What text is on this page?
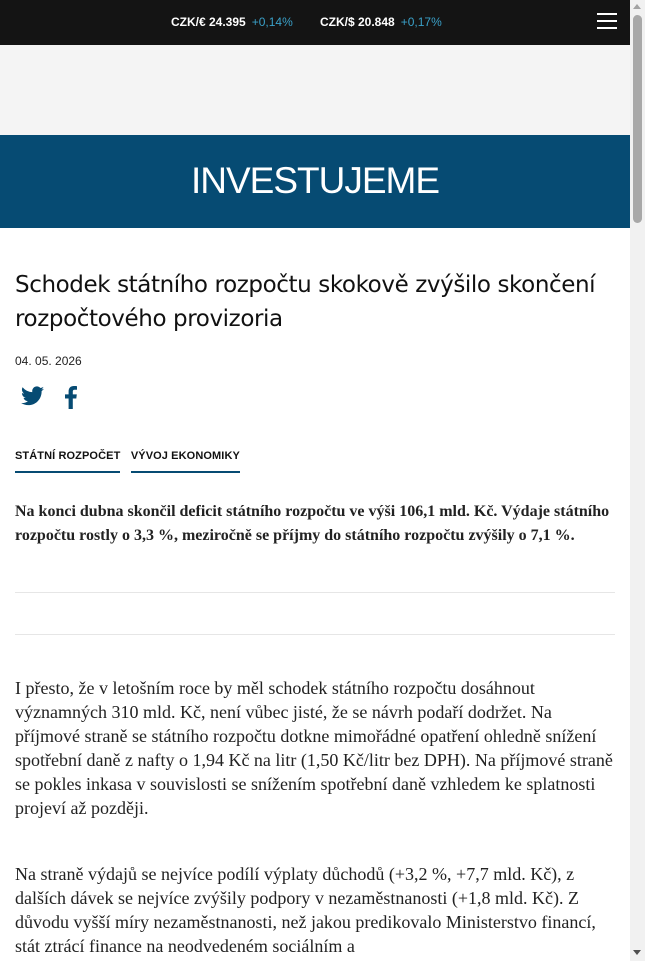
CZK/€ 24.395 +0,14% CZK/$ 20.848 +0,17%
INVESTUJEME
Schodek státního rozpočtu skokově zvýšilo skončení rozpočtového provizoria
04. 05. 2026
STÁTNÍ ROZPOČET VÝVOJ EKONOMIKY

Na konci dubna skončil deficit státního rozpočtu ve výši 106,1 mld. Kč. Výdaje státního rozpočtu rostly o 3,3 %, meziročně se příjmy do státního rozpočtu zvýšily o 7,1 %.

I přesto, že v letošním roce by měl schodek státního rozpočtu dosáhnout významných 310 mld. Kč, není vůbec jisté, že se návrh podaří dodržet. Na příjmové straně se státního rozpočtu dotkne mimořádné opatření ohledně snížení spotřební daně z nafty o 1,94 Kč na litr (1,50 Kč/litr bez DPH). Na příjmové straně se pokles inkasa v souvislosti se snížením spotřební daně vzhledem ke splatnosti projeví až později.

Na straně výdajů se nejvíce podílí výplaty důchodů (+3,2 %, +7,7 mld. Kč), z dalších dávek se nejvíce zvýšily podpory v nezaměstnanosti (+1,8 mld. Kč). Z důvodu vyšší míry nezaměstnanosti, než jakou predikovalo Ministerstvo financí, stát ztrácí finance na neodvedeném sociálním a
